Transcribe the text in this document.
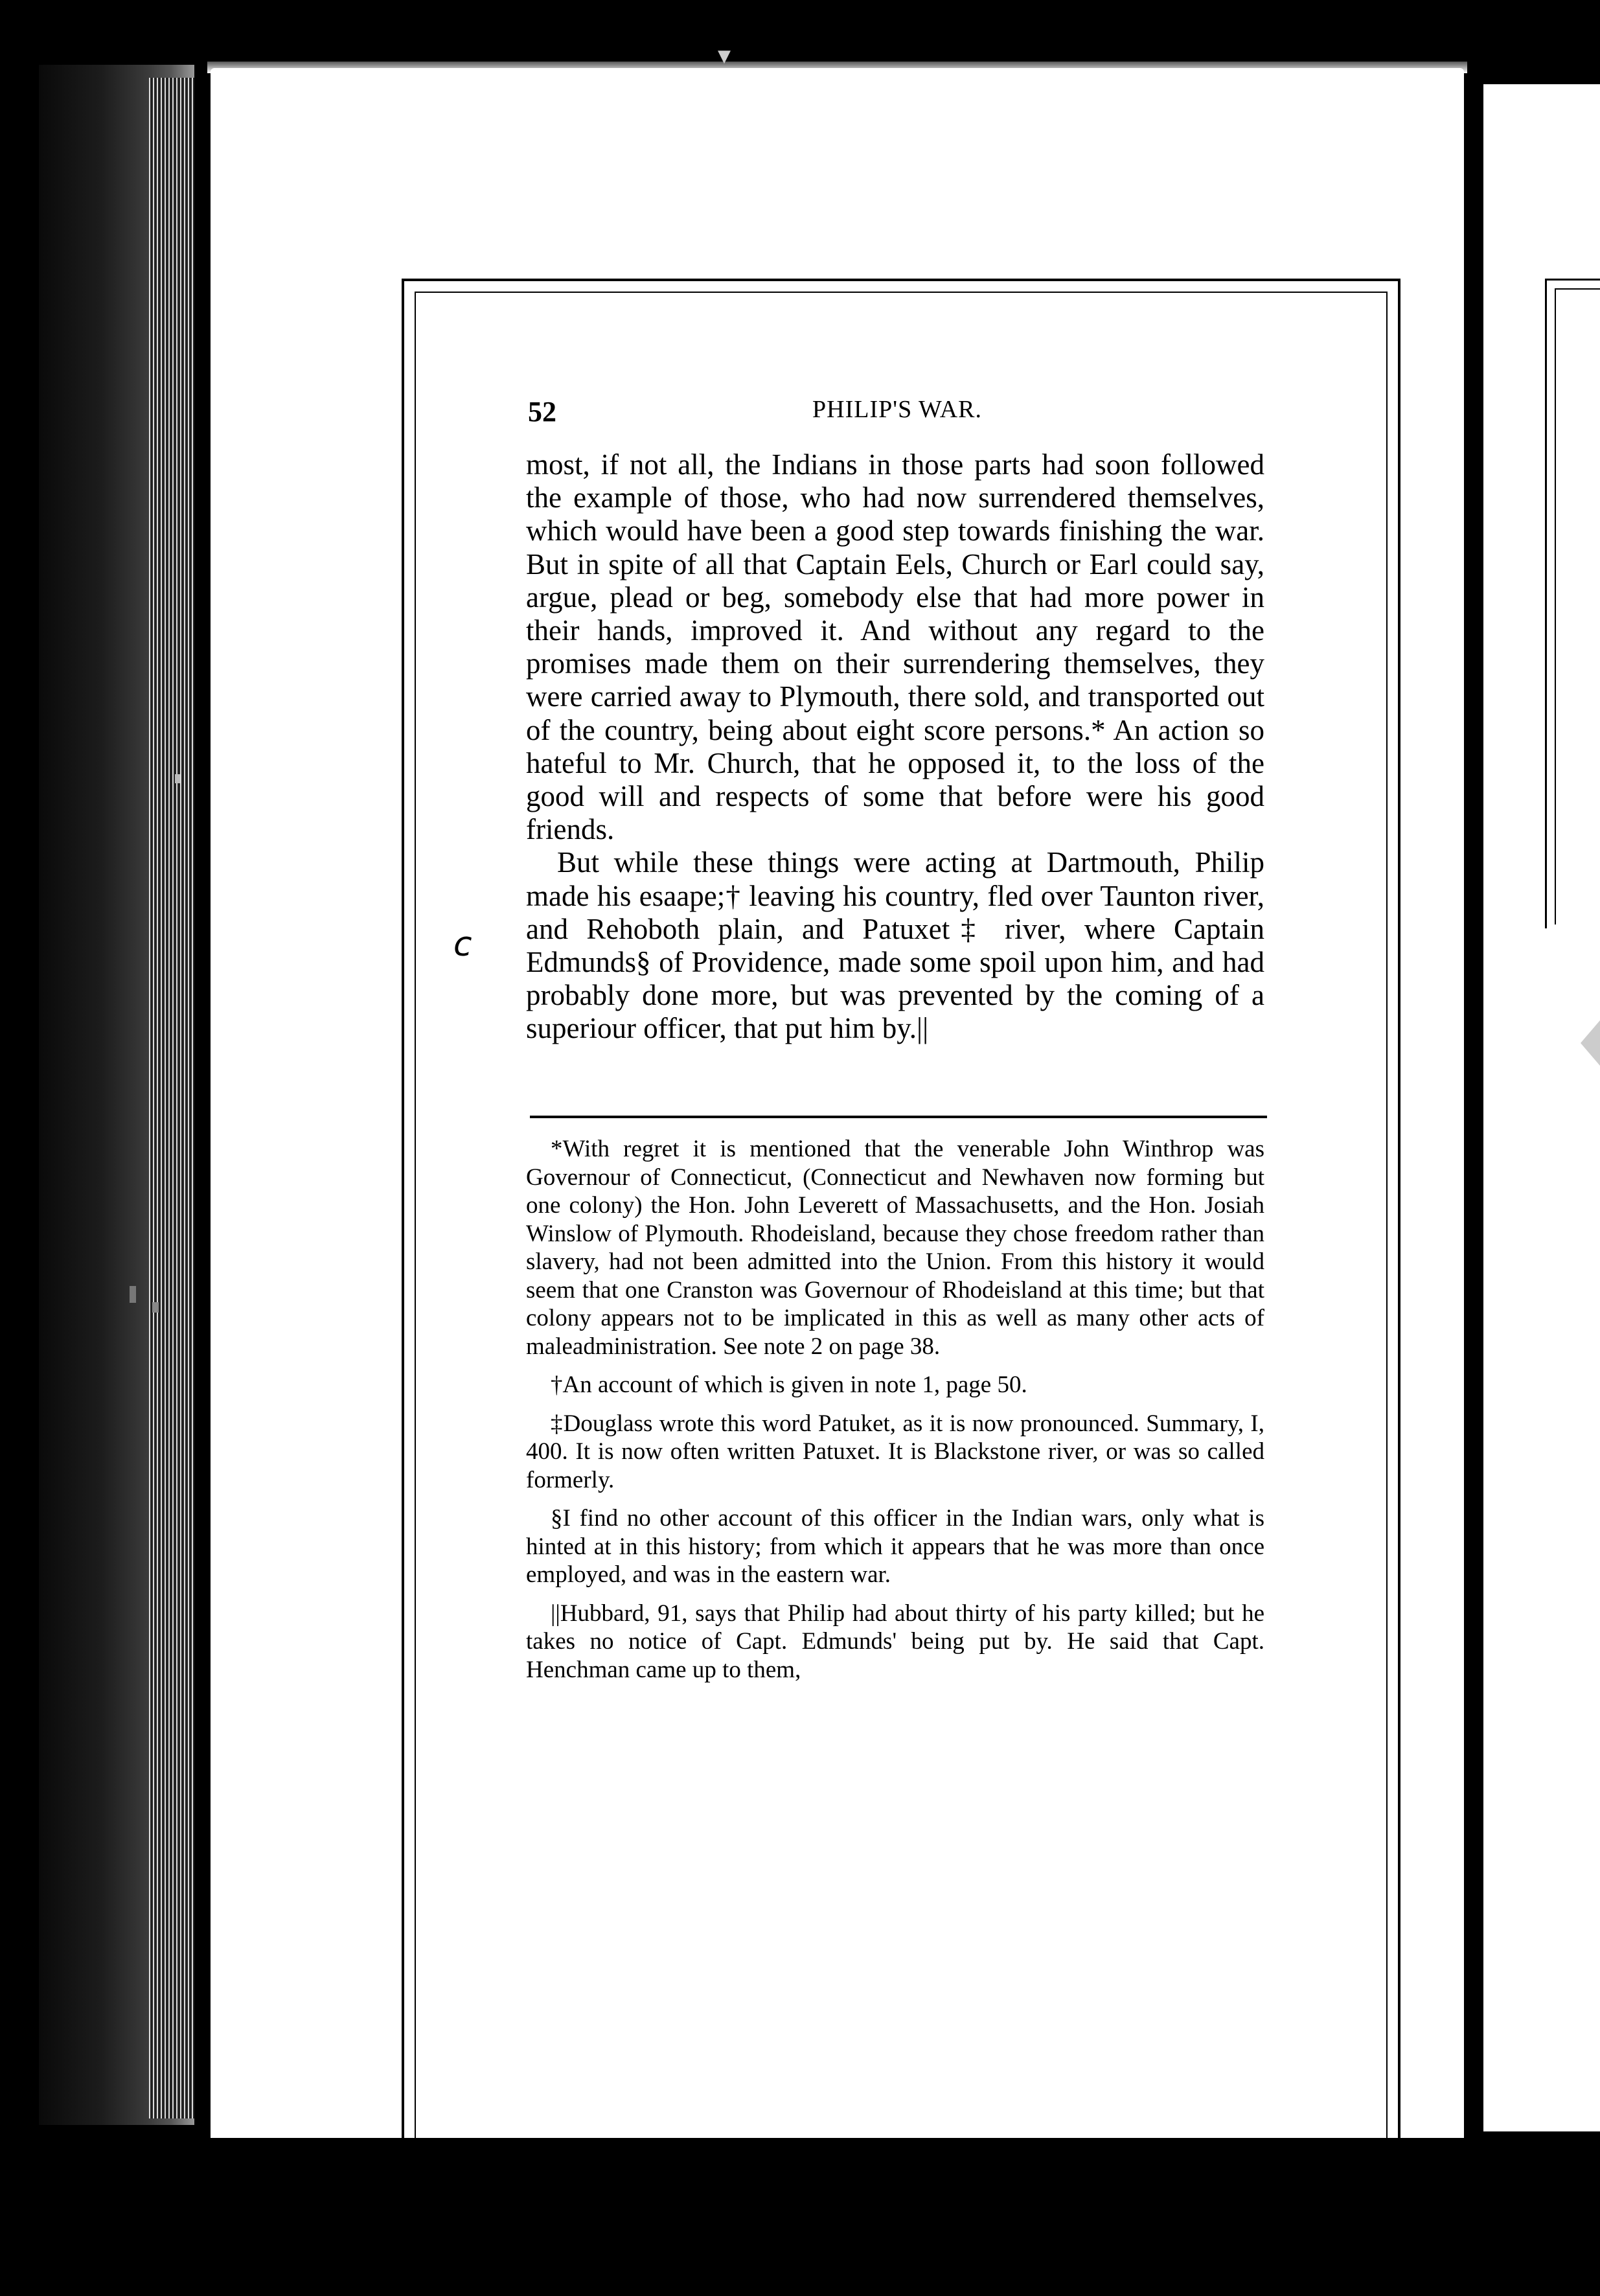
▼
52	PHILIP'S WAR.
c

most, if not all, the Indians in those parts had soon followed the example of those, who had now surrendered themselves, which would have been a good step towards finishing the war. But in spite of all that Captain Eels, Church or Earl could say, argue, plead or beg, somebody else that had more power in their hands, improved it. And without any regard to the promises made them on their surrendering themselves, they were carried away to Plymouth, there sold, and transported out of the country, being about eight score persons.* An action so hateful to Mr. Church, that he opposed it, to the loss of the good will and respects of some that before were his good friends.

But while these things were acting at Dartmouth, Philip made his esaape;† leaving his country, fled over Taunton river, and Rehoboth plain, and Patuxet‡ river, where Captain Edmunds§ of Providence, made some spoil upon him, and had probably done more, but was prevented by the coming of a superiour officer, that put him by.||

*With regret it is mentioned that the venerable John Winthrop was Governour of Connecticut, (Connecticut and Newhaven now forming but one colony) the Hon. John Leverett of Massachusetts, and the Hon. Josiah Winslow of Plymouth. Rhodeisland, because they chose freedom rather than slavery, had not been admitted into the Union. From this history it would seem that one Cranston was Governour of Rhodeisland at this time; but that colony appears not to be implicated in this as well as many other acts of maleadministration. See note 2 on page 38.

†An account of which is given in note 1, page 50.

‡Douglass wrote this word Patuket, as it is now pronounced. Summary, I, 400. It is now often written Patuxet. It is Blackstone river, or was so called formerly.

§I find no other account of this officer in the Indian wars, only what is hinted at in this history; from which it appears that he was more than once employed, and was in the eastern war.

||Hubbard, 91, says that Philip had about thirty of his party killed; but he takes no notice of Capt. Edmunds' being put by. He said that Capt. Henchman came up to them,
